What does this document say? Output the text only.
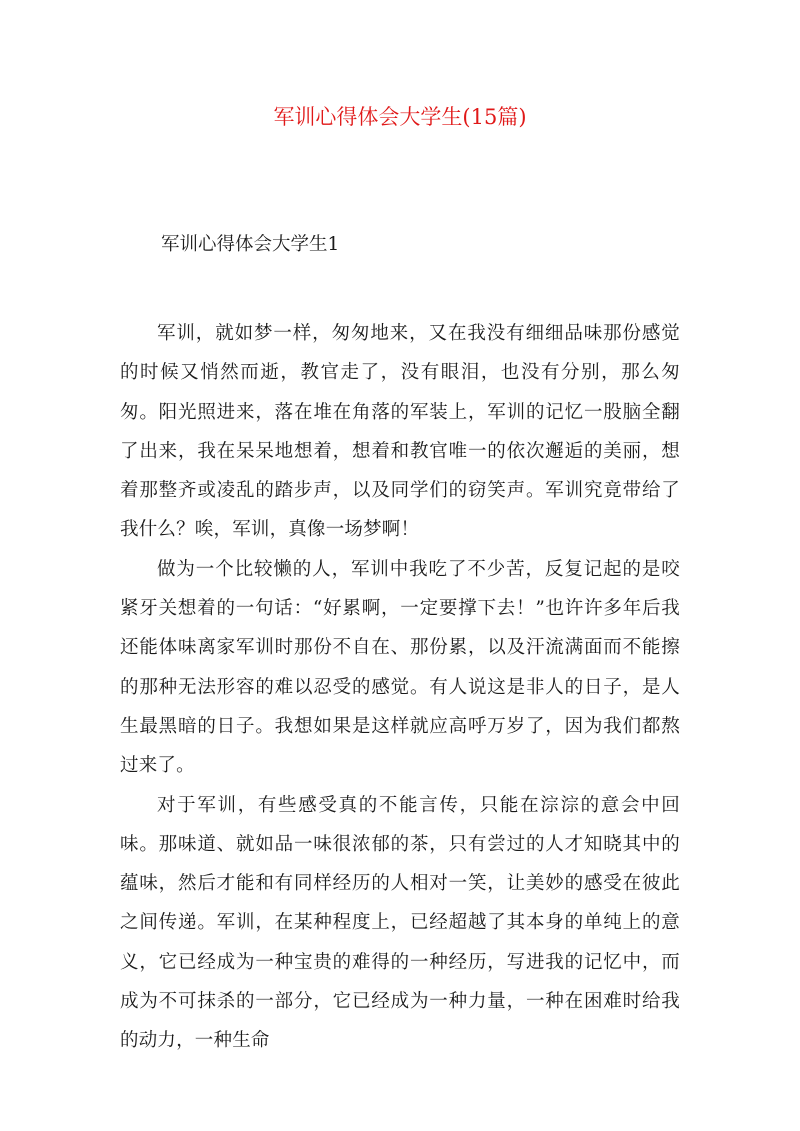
军训心得体会大学生(15篇)
军训心得体会大学生1

军训，就如梦一样，匆匆地来，又在我没有细细品味那份感觉的时候又悄然而逝，教官走了，没有眼泪，也没有分别，那么匆匆。阳光照进来，落在堆在角落的军装上，军训的记忆一股脑全翻了出来，我在呆呆地想着，想着和教官唯一的依次邂逅的美丽，想着那整齐或凌乱的踏步声，以及同学们的窃笑声。军训究竟带给了我什么？唉，军训，真像一场梦啊！

做为一个比较懒的人，军训中我吃了不少苦，反复记起的是咬紧牙关想着的一句话：“好累啊，一定要撑下去！”也许许多年后我还能体味离家军训时那份不自在、那份累，以及汗流满面而不能擦的那种无法形容的难以忍受的感觉。有人说这是非人的日子，是人生最黑暗的日子。我想如果是这样就应高呼万岁了，因为我们都熬过来了。

对于军训，有些感受真的不能言传，只能在淙淙的意会中回味。那味道、就如品一味很浓郁的茶，只有尝过的人才知晓其中的蕴味，然后才能和有同样经历的人相对一笑，让美妙的感受在彼此之间传递。军训，在某种程度上，已经超越了其本身的单纯上的意义，它已经成为一种宝贵的难得的一种经历，写进我的记忆中，而成为不可抹杀的一部分，它已经成为一种力量，一种在困难时给我的动力，一种生命
